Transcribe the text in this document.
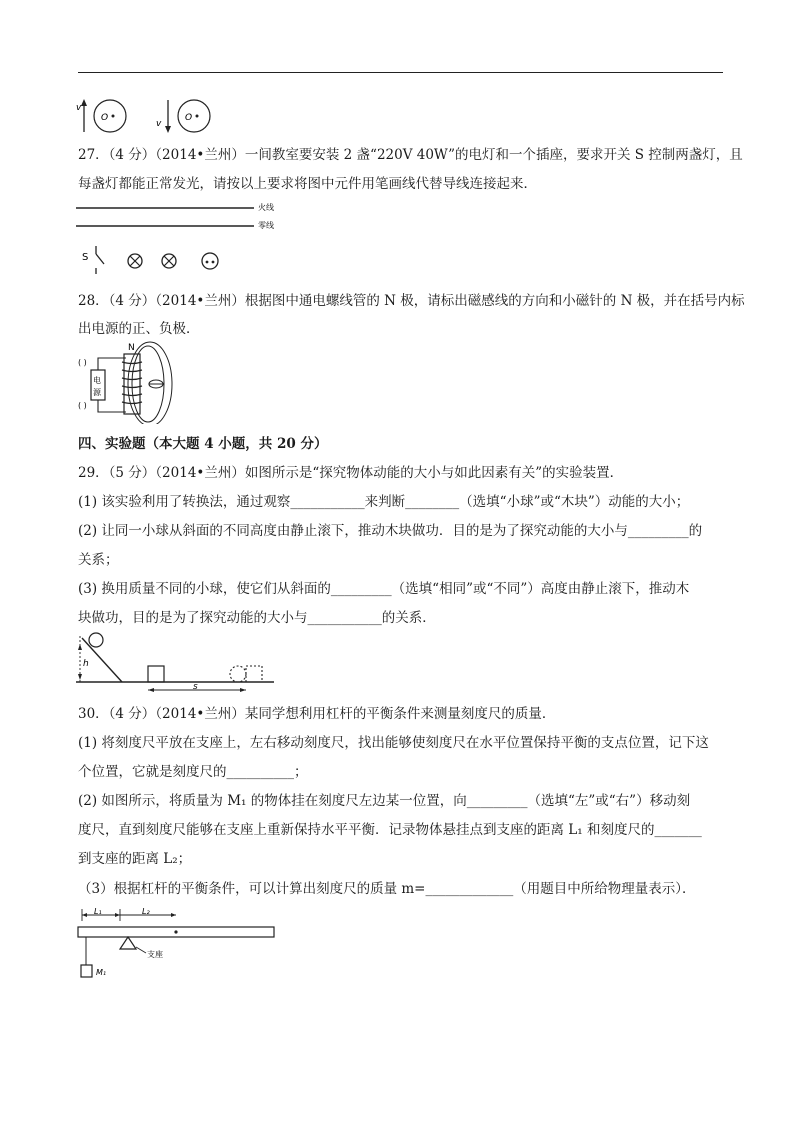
v
O
v
O
27．（4 分）（2014•兰州）一间教室要安装 2 盏“220V 40W”的电灯和一个插座，要求开关 S 控制两盏灯，且
每盏灯都能正常发光，请按以上要求将图中元件用笔画线代替导线连接起来．
火线
零线
S
28．（4 分）（2014•兰州）根据图中通电螺线管的 N 极，请标出磁感线的方向和小磁针的 N 极，并在括号内标
出电源的正、负极．
( )
( )
电
源
N
四、实验题（本大题 4 小题，共 20 分）
29．（5 分）（2014•兰州）如图所示是“探究物体动能的大小与如此因素有关”的实验装置．
(1) 该实验利用了转换法，通过观察___________来判断________（选填“小球”或“木块”）动能的大小；
(2) 让同一小球从斜面的不同高度由静止滚下，推动木块做功．目的是为了探究动能的大小与_________的
关系；
(3) 换用质量不同的小球，使它们从斜面的_________（选填“相同”或“不同”）高度由静止滚下，推动木
块做功，目的是为了探究动能的大小与___________的关系．
h
s
30．（4 分）（2014•兰州）某同学想利用杠杆的平衡条件来测量刻度尺的质量．
(1) 将刻度尺平放在支座上，左右移动刻度尺，找出能够使刻度尺在水平位置保持平衡的支点位置，记下这
个位置，它就是刻度尺的__________；
(2) 如图所示，将质量为 M₁ 的物体挂在刻度尺左边某一位置，向_________（选填“左”或“右”）移动刻
度尺，直到刻度尺能够在支座上重新保持水平平衡．记录物体悬挂点到支座的距离 L₁ 和刻度尺的_______
到支座的距离 L₂；
（3）根据杠杆的平衡条件，可以计算出刻度尺的质量 m=_____________（用题目中所给物理量表示）．
L₁	L₂
支座
M₁
